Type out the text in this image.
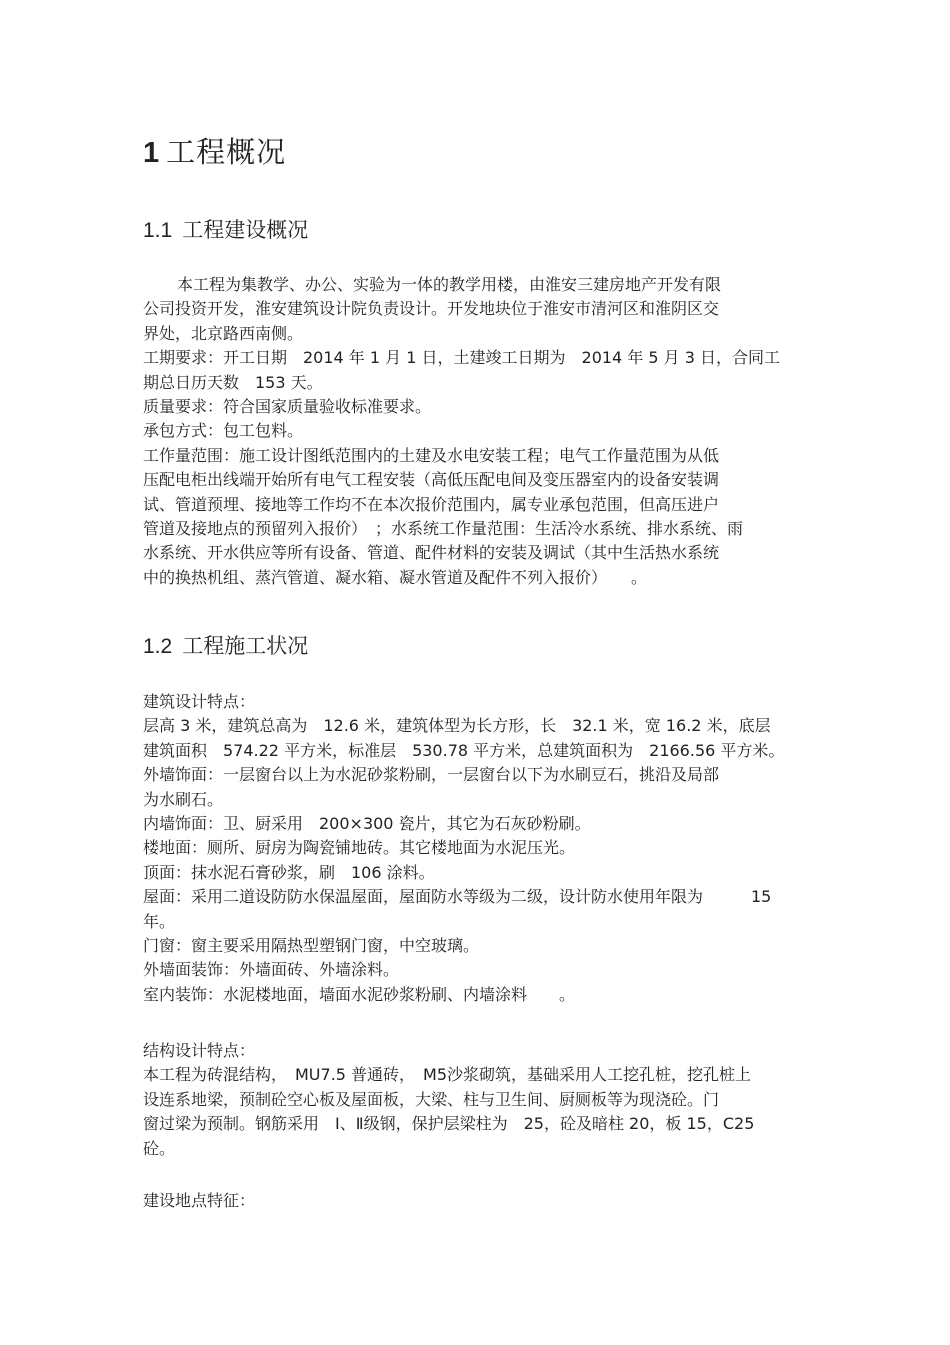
1 工程概况
1.1 工程建设概况
本工程为集教学、办公、实验为一体的教学用楼，由淮安三建房地产开发有限
公司投资开发，淮安建筑设计院负责设计。开发地块位于淮安市清河区和淮阴区交
界处，北京路西南侧。
工期要求：开工日期　2014 年 1 月 1 日，土建竣工日期为　2014 年 5 月 3 日，合同工
期总日历天数　153 天。
质量要求：符合国家质量验收标准要求。
承包方式：包工包料。
工作量范围：施工设计图纸范围内的土建及水电安装工程；电气工作量范围为从低
压配电柜出线端开始所有电气工程安装（高低压配电间及变压器室内的设备安装调
试、管道预埋、接地等工作均不在本次报价范围内，属专业承包范围，但高压进户
管道及接地点的预留列入报价）　；水系统工作量范围：生活冷水系统、排水系统、雨
水系统、开水供应等所有设备、管道、配件材料的安装及调试（其中生活热水系统
中的换热机组、蒸汽管道、凝水箱、凝水管道及配件不列入报价）　　。
1.2 工程施工状况
建筑设计特点：
层高 3 米，建筑总高为　12.6 米，建筑体型为长方形，长　32.1 米，宽 16.2 米，底层
建筑面积　574.22 平方米，标准层　530.78 平方米，总建筑面积为　2166.56 平方米。
外墙饰面：一层窗台以上为水泥砂浆粉刷，一层窗台以下为水刷豆石，挑沿及局部
为水刷石。
内墙饰面：卫、厨采用　200×300 瓷片，其它为石灰砂粉刷。
楼地面：厕所、厨房为陶瓷铺地砖。其它楼地面为水泥压光。
顶面：抹水泥石膏砂浆，刷　106 涂料。
屋面：采用二道设防防水保温屋面，屋面防水等级为二级，设计防水使用年限为　　　15
年。
门窗：窗主要采用隔热型塑钢门窗，中空玻璃。
外墙面装饰：外墙面砖、外墙涂料。
室内装饰：水泥楼地面，墙面水泥砂浆粉刷、内墙涂料　　。
结构设计特点：
本工程为砖混结构，　MU7.5 普通砖，　M5沙浆砌筑，基础采用人工挖孔桩，挖孔桩上
设连系地梁，预制砼空心板及屋面板，大梁、柱与卫生间、厨厕板等为现浇砼。门
窗过梁为预制。钢筋采用　Ⅰ、Ⅱ级钢，保护层梁柱为　25，砼及暗柱 20，板 15，C25
砼。
建设地点特征：
